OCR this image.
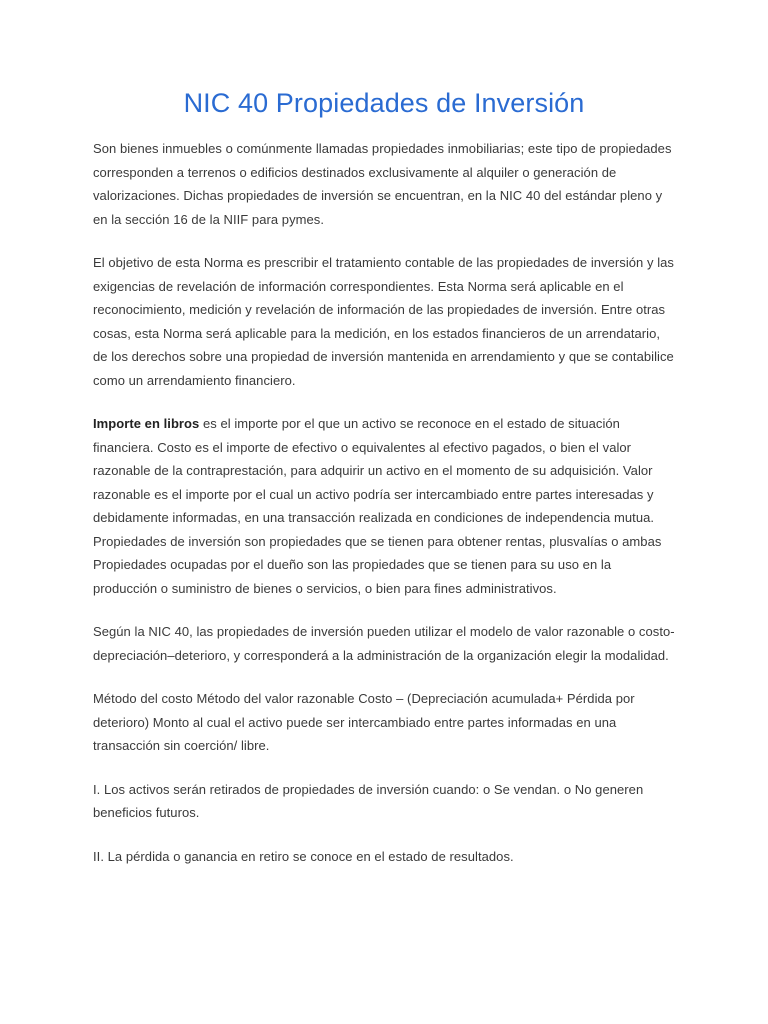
NIC 40 Propiedades de Inversión

Son bienes inmuebles o comúnmente llamadas propiedades inmobiliarias; este tipo de propiedades corresponden a terrenos o edificios destinados exclusivamente al alquiler o generación de valorizaciones. Dichas propiedades de inversión se encuentran, en la NIC 40 del estándar pleno y en la sección 16 de la NIIF para pymes.

El objetivo de esta Norma es prescribir el tratamiento contable de las propiedades de inversión y las exigencias de revelación de información correspondientes. Esta Norma será aplicable en el reconocimiento, medición y revelación de información de las propiedades de inversión. Entre otras cosas, esta Norma será aplicable para la medición, en los estados financieros de un arrendatario, de los derechos sobre una propiedad de inversión mantenida en arrendamiento y que se contabilice como un arrendamiento financiero.

Importe en libros es el importe por el que un activo se reconoce en el estado de situación financiera. Costo es el importe de efectivo o equivalentes al efectivo pagados, o bien el valor razonable de la contraprestación, para adquirir un activo en el momento de su adquisición. Valor razonable es el importe por el cual un activo podría ser intercambiado entre partes interesadas y debidamente informadas, en una transacción realizada en condiciones de independencia mutua. Propiedades de inversión son propiedades que se tienen para obtener rentas, plusvalías o ambas Propiedades ocupadas por el dueño son las propiedades que se tienen para su uso en la producción o suministro de bienes o servicios, o bien para fines administrativos.

Según la NIC 40, las propiedades de inversión pueden utilizar el modelo de valor razonable o costo-depreciación–deterioro, y corresponderá a la administración de la organización elegir la modalidad.

Método del costo Método del valor razonable Costo – (Depreciación acumulada+ Pérdida por deterioro) Monto al cual el activo puede ser intercambiado entre partes informadas en una transacción sin coerción/ libre.

I. Los activos serán retirados de propiedades de inversión cuando: o Se vendan. o No generen beneficios futuros.

II. La pérdida o ganancia en retiro se conoce en el estado de resultados.
